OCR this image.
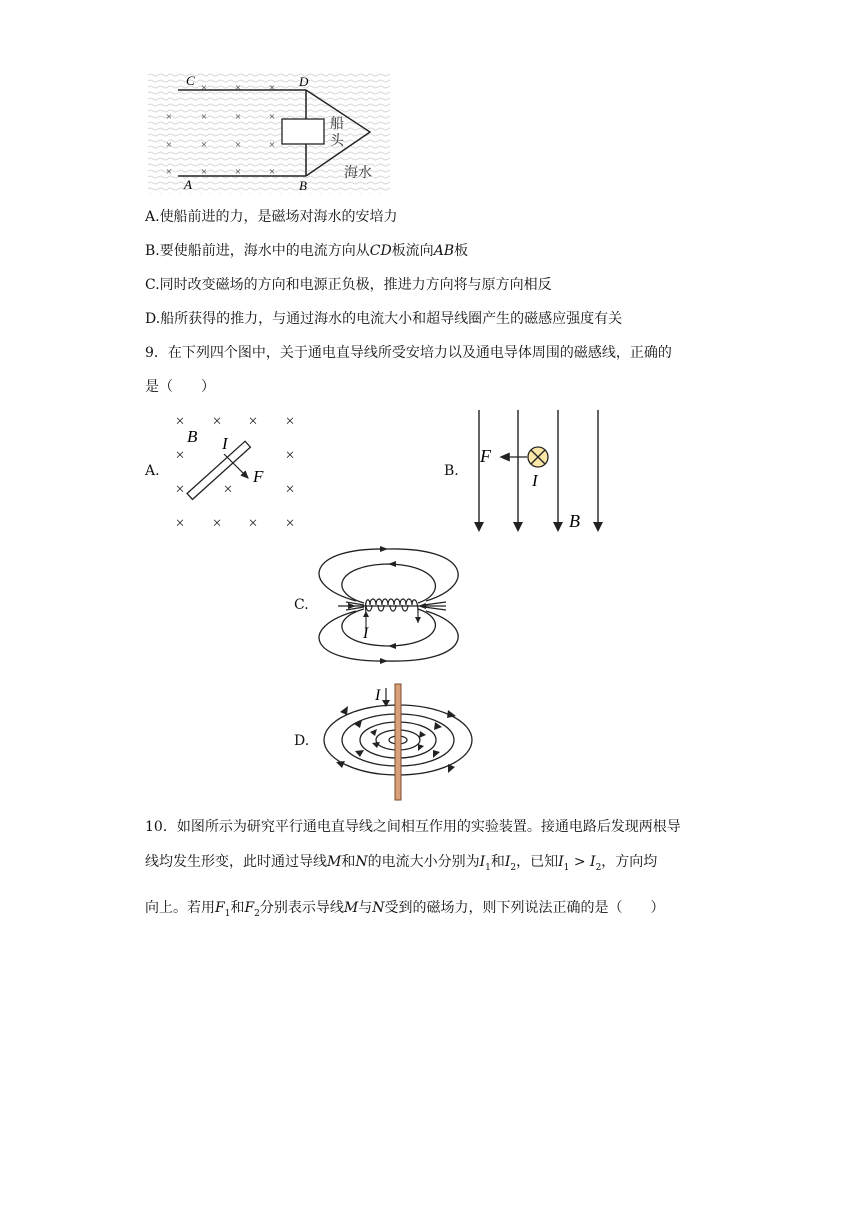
×	×	×
×	×	×	×
×	×	×	×
×	×	×	×
C	D
A	B
船头
海水
A.使船前进的力，是磁场对海水的安培力
B.要使船前进，海水中的电流方向从CD板流向AB板
C.同时改变磁场的方向和电源正负极，推进力方向将与原方向相反
D.船所获得的推力，与通过海水的电流大小和超导线圈产生的磁感应强度有关
9．在下列四个图中，关于通电直导线所受安培力以及通电导体周围的磁感线，正确的
是（　　）
A.
× × × ×
×	×
×	×
× × × ×
×
B I
F	B.
F
I
B
C.
I
D.
I
10．如图所示为研究平行通电直导线之间相互作用的实验装置。接通电路后发现两根导
线均发生形变，此时通过导线M和N的电流大小分别为$I_1$和$I_2$，已知$I_1 > I_2$，方向均
向上。若用$F_1$和$F_2$分别表示导线M与N受到的磁场力，则下列说法正确的是（　　）
